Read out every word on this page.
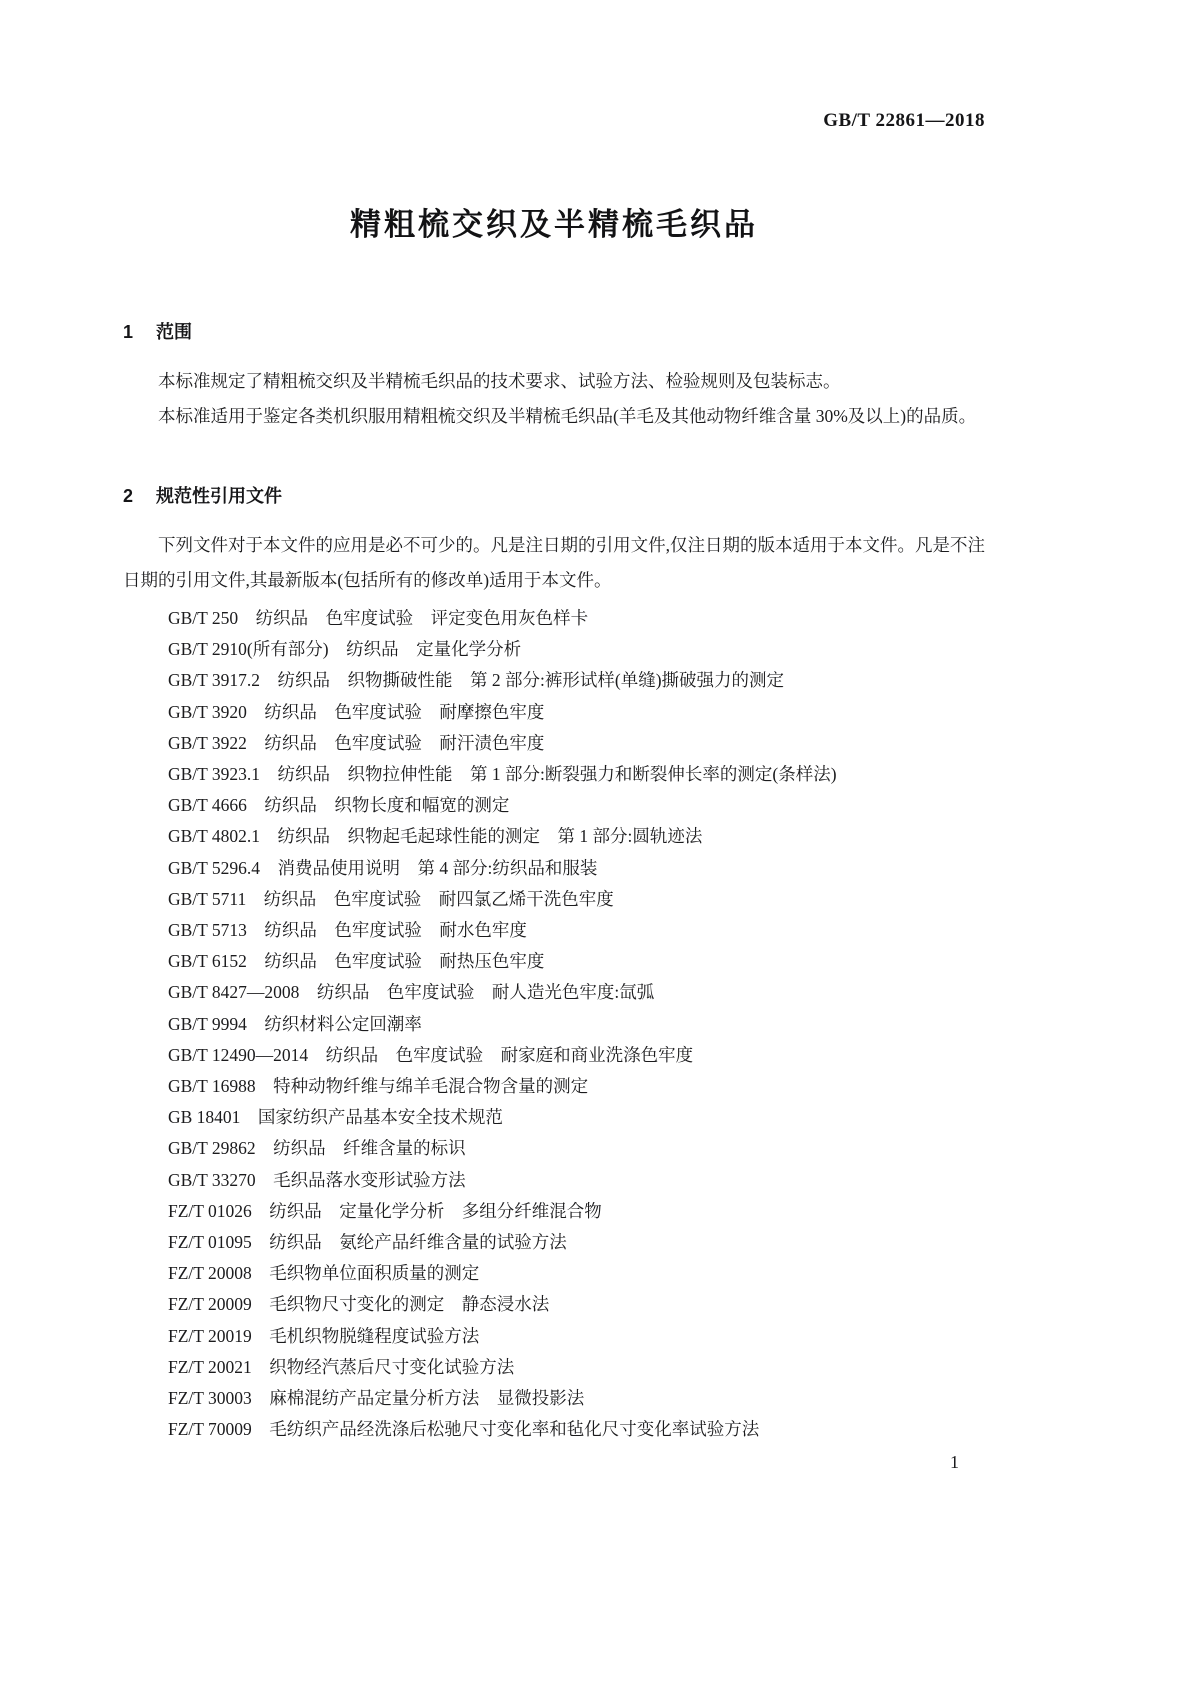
GB/T 22861—2018
精粗梳交织及半精梳毛织品
1 范围

本标准规定了精粗梳交织及半精梳毛织品的技术要求、试验方法、检验规则及包装标志。

本标准适用于鉴定各类机织服用精粗梳交织及半精梳毛织品(羊毛及其他动物纤维含量 30%及以上)的品质。

2 规范性引用文件

下列文件对于本文件的应用是必不可少的。凡是注日期的引用文件,仅注日期的版本适用于本文件。凡是不注日期的引用文件,其最新版本(包括所有的修改单)适用于本文件。

GB/T 250　纺织品　色牢度试验　评定变色用灰色样卡
GB/T 2910(所有部分)　纺织品　定量化学分析
GB/T 3917.2　纺织品　织物撕破性能　第 2 部分:裤形试样(单缝)撕破强力的测定
GB/T 3920　纺织品　色牢度试验　耐摩擦色牢度
GB/T 3922　纺织品　色牢度试验　耐汗渍色牢度
GB/T 3923.1　纺织品　织物拉伸性能　第 1 部分:断裂强力和断裂伸长率的测定(条样法)
GB/T 4666　纺织品　织物长度和幅宽的测定
GB/T 4802.1　纺织品　织物起毛起球性能的测定　第 1 部分:圆轨迹法
GB/T 5296.4　消费品使用说明　第 4 部分:纺织品和服装
GB/T 5711　纺织品　色牢度试验　耐四氯乙烯干洗色牢度
GB/T 5713　纺织品　色牢度试验　耐水色牢度
GB/T 6152　纺织品　色牢度试验　耐热压色牢度
GB/T 8427—2008　纺织品　色牢度试验　耐人造光色牢度:氙弧
GB/T 9994　纺织材料公定回潮率
GB/T 12490—2014　纺织品　色牢度试验　耐家庭和商业洗涤色牢度
GB/T 16988　特种动物纤维与绵羊毛混合物含量的测定
GB 18401　国家纺织产品基本安全技术规范
GB/T 29862　纺织品　纤维含量的标识
GB/T 33270　毛织品落水变形试验方法
FZ/T 01026　纺织品　定量化学分析　多组分纤维混合物
FZ/T 01095　纺织品　氨纶产品纤维含量的试验方法
FZ/T 20008　毛织物单位面积质量的测定
FZ/T 20009　毛织物尺寸变化的测定　静态浸水法
FZ/T 20019　毛机织物脱缝程度试验方法
FZ/T 20021　织物经汽蒸后尺寸变化试验方法
FZ/T 30003　麻棉混纺产品定量分析方法　显微投影法
FZ/T 70009　毛纺织产品经洗涤后松驰尺寸变化率和毡化尺寸变化率试验方法
1
